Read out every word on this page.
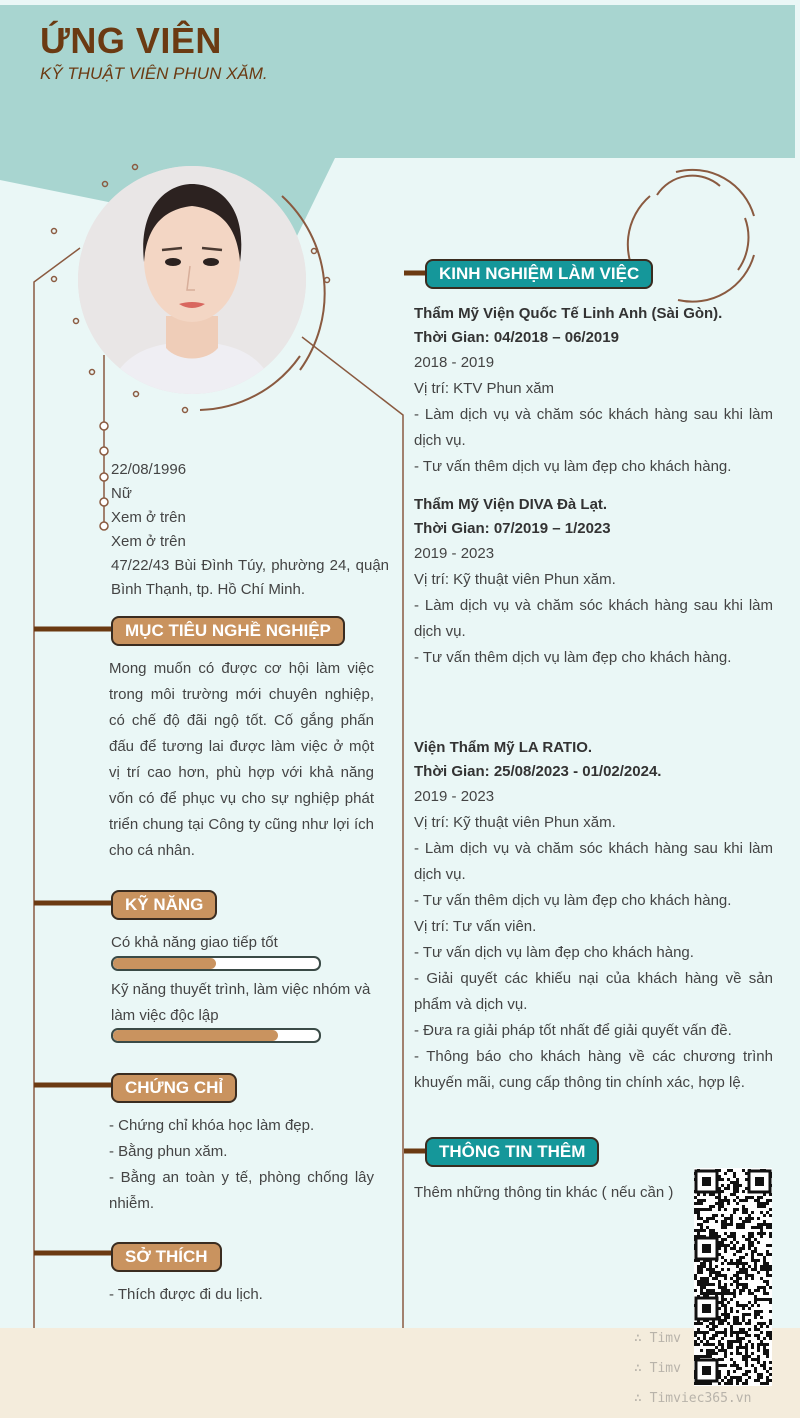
ỨNG VIÊN
KỸ THUẬT VIÊN PHUN XĂM.
22/08/1996
Nữ
Xem ở trên
Xem ở trên
47/22/43 Bùi Đình Túy, phường 24, quận Bình Thạnh, tp. Hồ Chí Minh.
MỤC TIÊU NGHỀ NGHIỆP
Mong muốn có được cơ hội làm việc trong môi trường mới chuyên nghiệp, có chế độ đãi ngộ tốt. Cố gắng phấn đấu để tương lai được làm việc ở một vị trí cao hơn, phù hợp với khả năng vốn có để phục vụ cho sự nghiệp phát triển chung tại Công ty cũng như lợi ích cho cá nhân.
KỸ NĂNG
Có khả năng giao tiếp tốt
Kỹ năng thuyết trình, làm việc nhóm và làm việc độc lập
CHỨNG CHỈ
- Chứng chỉ khóa học làm đẹp.
- Bằng phun xăm.
- Bằng an toàn y tế, phòng chống lây nhiễm.
SỞ THÍCH
- Thích được đi du lịch.
KINH NGHIỆM LÀM VIỆC
Thẩm Mỹ Viện Quốc Tế Linh Anh (Sài Gòn).
Thời Gian: 04/2018 – 06/2019
2018 - 2019
Vị trí: KTV Phun xăm
- Làm dịch vụ và chăm sóc khách hàng sau khi làm dịch vụ.
- Tư vấn thêm dịch vụ làm đẹp cho khách hàng.
Thẩm Mỹ Viện DIVA Đà Lạt.
Thời Gian: 07/2019 – 1/2023
2019 - 2023
Vị trí: Kỹ thuật viên Phun xăm.
- Làm dịch vụ và chăm sóc khách hàng sau khi làm dịch vụ.
- Tư vấn thêm dịch vụ làm đẹp cho khách hàng.
Viện Thẩm Mỹ LA RATIO.
Thời Gian: 25/08/2023 - 01/02/2024.
2019 - 2023
Vị trí: Kỹ thuật viên Phun xăm.
- Làm dịch vụ và chăm sóc khách hàng sau khi làm dịch vụ.
- Tư vấn thêm dịch vụ làm đẹp cho khách hàng.
Vị trí: Tư vấn viên.
- Tư vấn dịch vụ làm đẹp cho khách hàng.
- Giải quyết các khiếu nại của khách hàng về sản phẩm và dịch vụ.
- Đưa ra giải pháp tốt nhất để giải quyết vấn đề.
- Thông báo cho khách hàng về các chương trình khuyến mãi, cung cấp thông tin chính xác, hợp lệ.
THÔNG TIN THÊM
Thêm những thông tin khác ( nếu cần )
∴ Timv
∴ Timv
∴ Timviec365.vn
